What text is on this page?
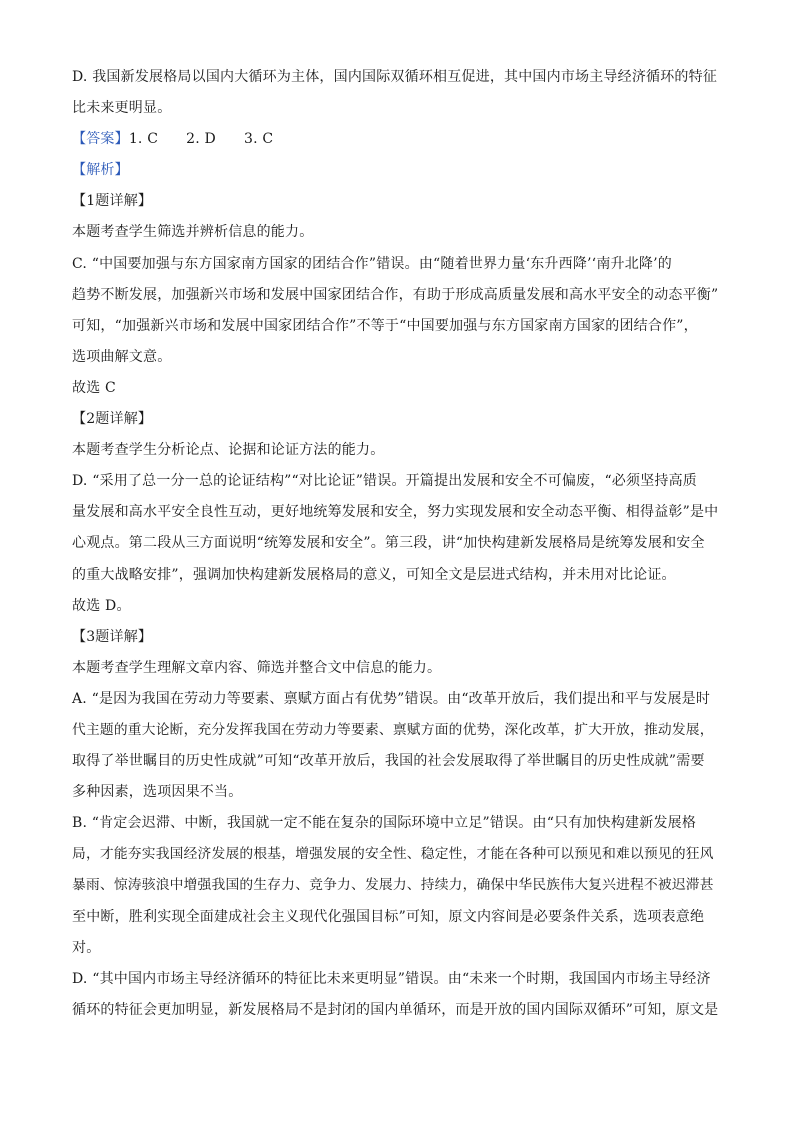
D. 我国新发展格局以国内大循环为主体，国内国际双循环相互促进，其中国内市场主导经济循环的特征
比未来更明显。
【答案】1. C 2. D 3. C
【解析】
【1题详解】
本题考查学生筛选并辨析信息的能力。
C. “中国要加强与东方国家南方国家的团结合作”错误。由“随着世界力量‘东升西降’‘南升北降’的
趋势不断发展，加强新兴市场和发展中国家团结合作，有助于形成高质量发展和高水平安全的动态平衡”
可知，“加强新兴市场和发展中国家团结合作”不等于“中国要加强与东方国家南方国家的团结合作”，
选项曲解文意。
故选 C
【2题详解】
本题考查学生分析论点、论据和论证方法的能力。
D. “采用了总一分一总的论证结构”“对比论证”错误。开篇提出发展和安全不可偏废，“必须坚持高质
量发展和高水平安全良性互动，更好地统筹发展和安全，努力实现发展和安全动态平衡、相得益彰”是中
心观点。第二段从三方面说明“统筹发展和安全”。第三段，讲“加快构建新发展格局是统筹发展和安全
的重大战略安排”，强调加快构建新发展格局的意义，可知全文是层进式结构，并未用对比论证。
故选 D。
【3题详解】
本题考查学生理解文章内容、筛选并整合文中信息的能力。
A. “是因为我国在劳动力等要素、禀赋方面占有优势”错误。由“改革开放后，我们提出和平与发展是时
代主题的重大论断，充分发挥我国在劳动力等要素、禀赋方面的优势，深化改革，扩大开放，推动发展，
取得了举世瞩目的历史性成就”可知“改革开放后，我国的社会发展取得了举世瞩目的历史性成就”需要
多种因素，选项因果不当。
B. “肯定会迟滞、中断，我国就一定不能在复杂的国际环境中立足”错误。由“只有加快构建新发展格
局，才能夯实我国经济发展的根基，增强发展的安全性、稳定性，才能在各种可以预见和难以预见的狂风
暴雨、惊涛骇浪中增强我国的生存力、竞争力、发展力、持续力，确保中华民族伟大复兴进程不被迟滞甚
至中断，胜利实现全面建成社会主义现代化强国目标”可知，原文内容间是必要条件关系，选项表意绝
对。
D. “其中国内市场主导经济循环的特征比未来更明显”错误。由“未来一个时期，我国国内市场主导经济
循环的特征会更加明显，新发展格局不是封闭的国内单循环，而是开放的国内国际双循环”可知，原文是
